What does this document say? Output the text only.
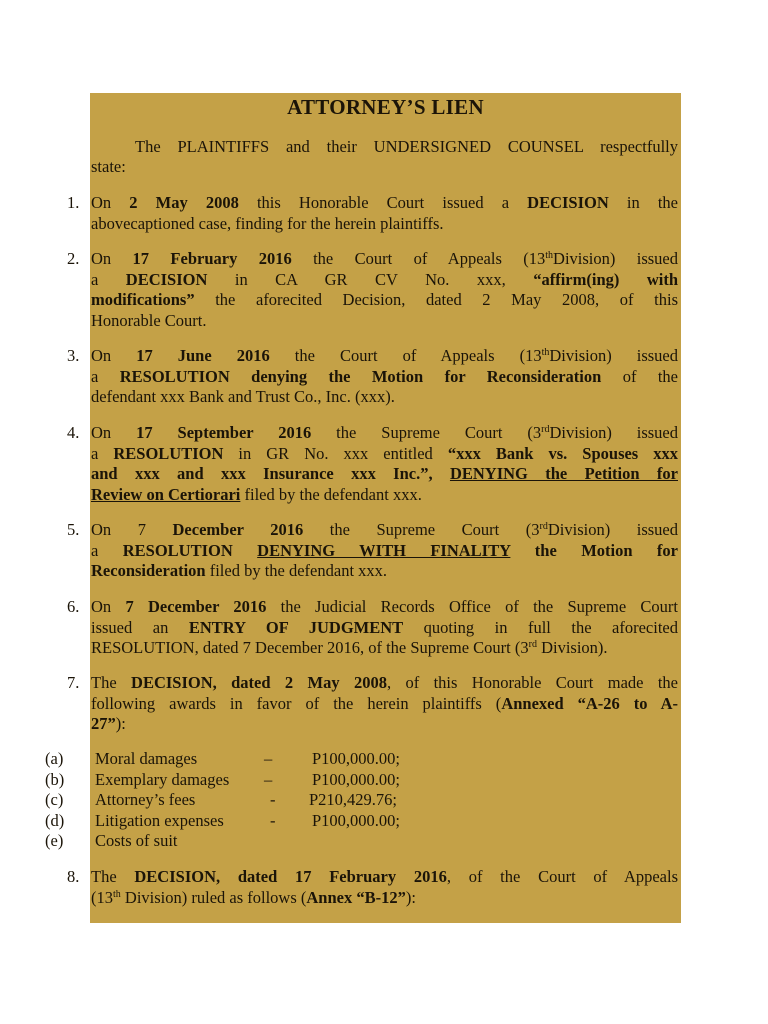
ATTORNEY’S LIEN
The PLAINTIFFS and their UNDERSIGNED COUNSEL respectfully
state:
1. On 2 May 2008 this Honorable Court issued a DECISION in the
abovecaptioned case, finding for the herein plaintiffs.
2. On 17 February 2016 the Court of Appeals (13thDivision) issued
a DECISION in CA GR CV No. xxx, “affirm(ing) with
modifications” the aforecited Decision, dated 2 May 2008, of this
Honorable Court.
3. On 17 June 2016 the Court of Appeals (13thDivision) issued
a RESOLUTION denying the Motion for Reconsideration of the
defendant xxx Bank and Trust Co., Inc. (xxx).
4. On 17 September 2016 the Supreme Court (3rdDivision) issued
a RESOLUTION in GR No. xxx entitled “xxx Bank vs. Spouses xxx
and xxx and xxx Insurance xxx Inc.”, DENYING the Petition for
Review on Certiorari filed by the defendant xxx.
5. On 7 December 2016 the Supreme Court (3rdDivision) issued
a RESOLUTION DENYING WITH FINALITY the Motion for
Reconsideration filed by the defendant xxx.
6. On 7 December 2016 the Judicial Records Office of the Supreme Court
issued an ENTRY OF JUDGMENT quoting in full the aforecited
RESOLUTION, dated 7 December 2016, of the Supreme Court (3rd Division).
7. The DECISION, dated 2 May 2008, of this Honorable Court made the
following awards in favor of the herein plaintiffs (Annexed “A-26 to A-
27”):
(a) Moral damages	– P100,000.00;
(b) Exemplary damages – P100,000.00;
(c) Attorney’s fees	- P210,429.76;
(d) Litigation expenses	- P100,000.00;
(e) Costs of suit
8. The DECISION, dated 17 February 2016, of the Court of Appeals
(13th Division) ruled as follows (Annex “B-12”):
